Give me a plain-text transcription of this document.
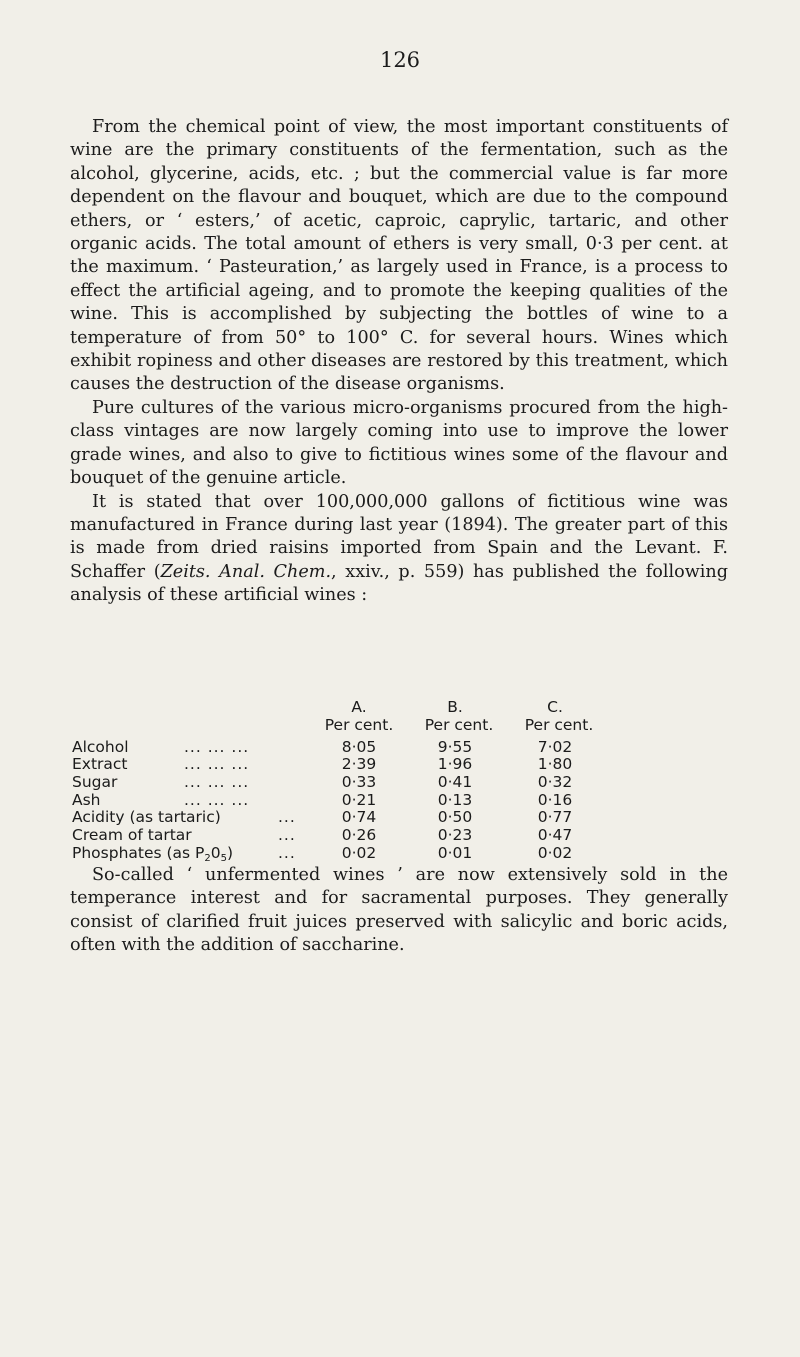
126

From the chemical point of view, the most important constituents of wine are the primary constituents of the fermentation, such as the alcohol, glycerine, acids, etc. ; but the commercial value is far more dependent on the flavour and bouquet, which are due to the compound ethers, or ‘ esters,’ of acetic, caproic, caprylic, tartaric, and other organic acids. The total amount of ethers is very small, 0·3 per cent. at the maximum. ‘ Pasteuration,’ as largely used in France, is a process to effect the artificial ageing, and to promote the keeping qualities of the wine. This is accomplished by subjecting the bottles of wine to a temperature of from 50° to 100° C. for several hours. Wines which exhibit ropiness and other diseases are restored by this treatment, which causes the destruction of the disease organisms.

Pure cultures of the various micro-organisms procured from the high-class vintages are now largely coming into use to improve the lower grade wines, and also to give to fictitious wines some of the flavour and bouquet of the genuine article.

It is stated that over 100,000,000 gallons of fictitious wine was manufactured in France during last year (1894). The greater part of this is made from dried raisins imported from Spain and the Levant. F. Schaffer (Zeits. Anal. Chem., xxiv., p. 559) has published the following analysis of these artificial wines :

A.	B.	C.
Per cent.	Per cent.	Per cent.
Alcohol	... ... ...	8·05	9·55	7·02
Extract	... ... ...	2·39	1·96	1·80
Sugar	... ... ...	0·33	0·41	0·32
Ash	... ... ...	0·21	0·13	0·16
Acidity (as tartaric)	...	0·74	0·50	0·77
Cream of tartar	...	0·26	0·23	0·47
Phosphates (as $P_20_5$)	...	0·02	0·01	0·02

So-called ‘ unfermented wines ’ are now extensively sold in the temperance interest and for sacramental purposes. They generally consist of clarified fruit juices preserved with salicylic and boric acids, often with the addition of saccharine.
